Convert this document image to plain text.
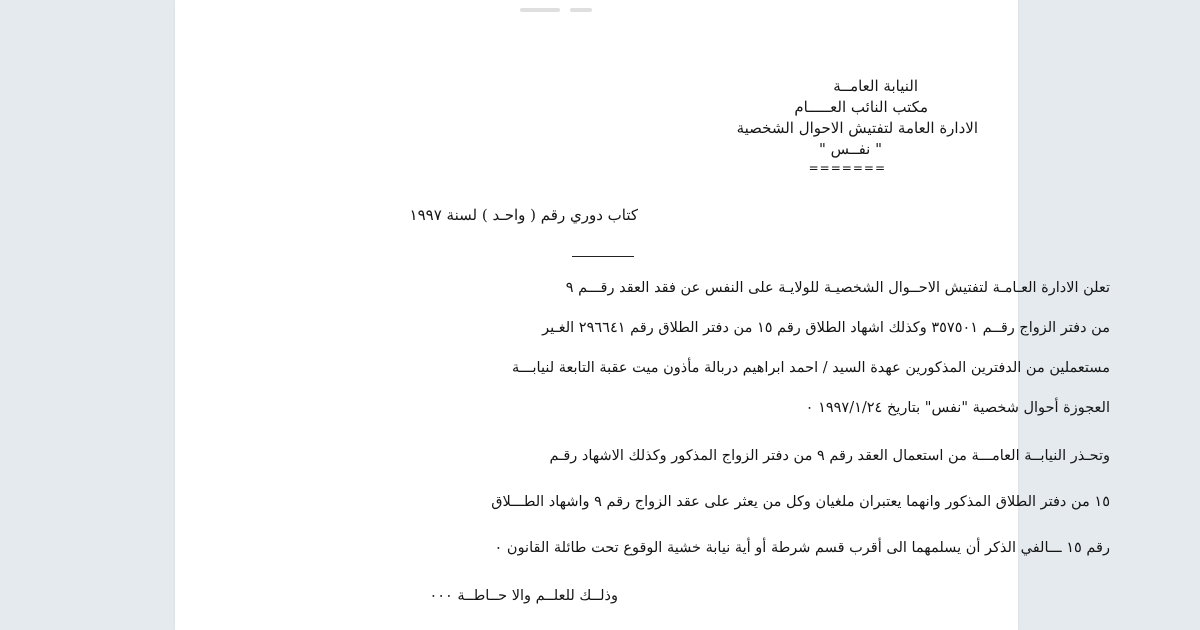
النيابة العامــة
مكتب النائب العـــــام
الادارة العامة لتفتيش الاحوال الشخصية
" نفــس "
=======
كتاب دوري رقم ( واحـد ) لسنة ١٩٩٧
تعلن الادارة العـامـة لتفتيش الاحــوال الشخصيـة للولايـة على النفس عن فقد العقد رقـــم ٩
من دفتر الزواج رقــم ٣٥٧٥٠١ وكذلك اشهاد الطلاق رقم ١٥ من دفتر الطلاق رقم ٢٩٦٦٤١ الغـير
مستعملين من الدفترين المذكورين عهدة السيد / احمد ابراهيم دربالة مأذون ميت عقبة التابعة لنيابـــة
العجوزة أحوال شخصية "نفس" بتاريخ ١٩٩٧/١/٢٤ ٠
وتحـذر النيابــة العامـــة من استعمال العقد رقم ٩ من دفتر الزواج المذكور وكذلك الاشهاد رقـم
١٥ من دفتر الطلاق المذكور وانهما يعتبران ملغيان وكل من يعثر على عقد الزواج رقم ٩ واشهاد الطـــلاق
رقم ١٥ ـــالفي الذكر أن يسلمهما الى أقرب قسم شرطة أو أية نيابة خشية الوقوع تحت طائلة القانون ٠
وذلــك للعلــم والا حــاطــة ٠٠٠
